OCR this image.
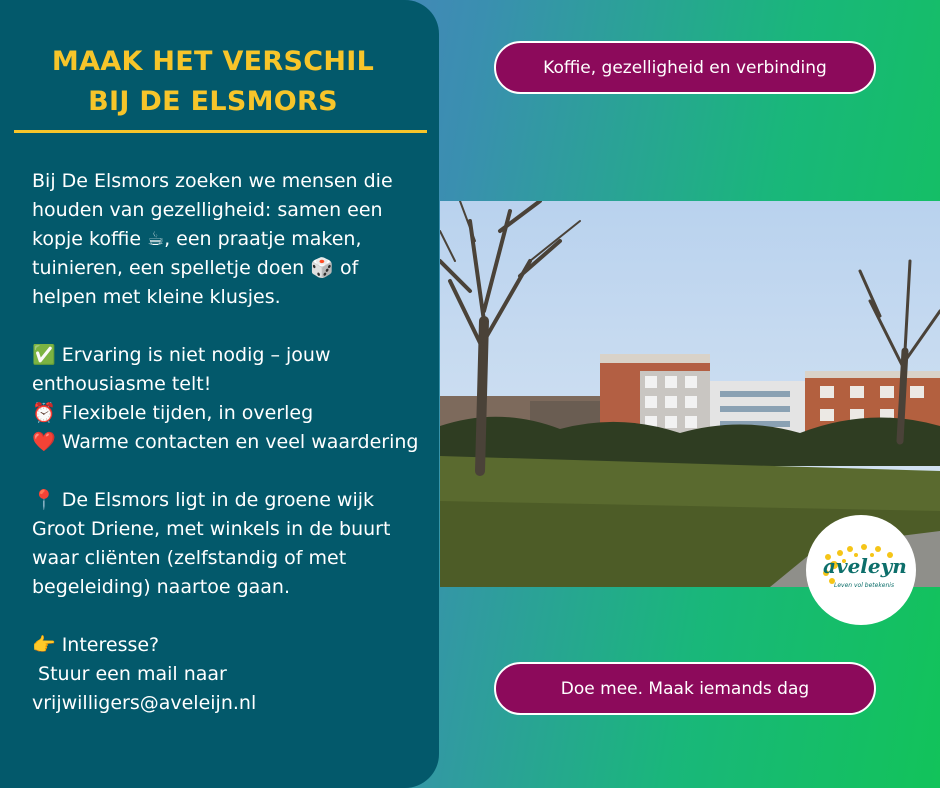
MAAK HET VERSCHIL
BIJ DE ELSMORS

Bij De Elsmors zoeken we mensen die houden van gezelligheid: samen een kopje koffie ☕, een praatje maken, tuinieren, een spelletje doen 🎲 of helpen met kleine klusjes.

✅ Ervaring is niet nodig – jouw enthousiasme telt!

⏰ Flexibele tijden, in overleg

❤️ Warme contacten en veel waardering

📍 De Elsmors ligt in de groene wijk Groot Driene, met winkels in de buurt waar cliënten (zelfstandig of met begeleiding) naartoe gaan.

👉 Interesse?

Stuur een mail naar

vrijwilligers@aveleijn.nl

Koffie, gezelligheid en verbinding
aveleyn
Leven vol betekenis
Doe mee. Maak iemands dag
